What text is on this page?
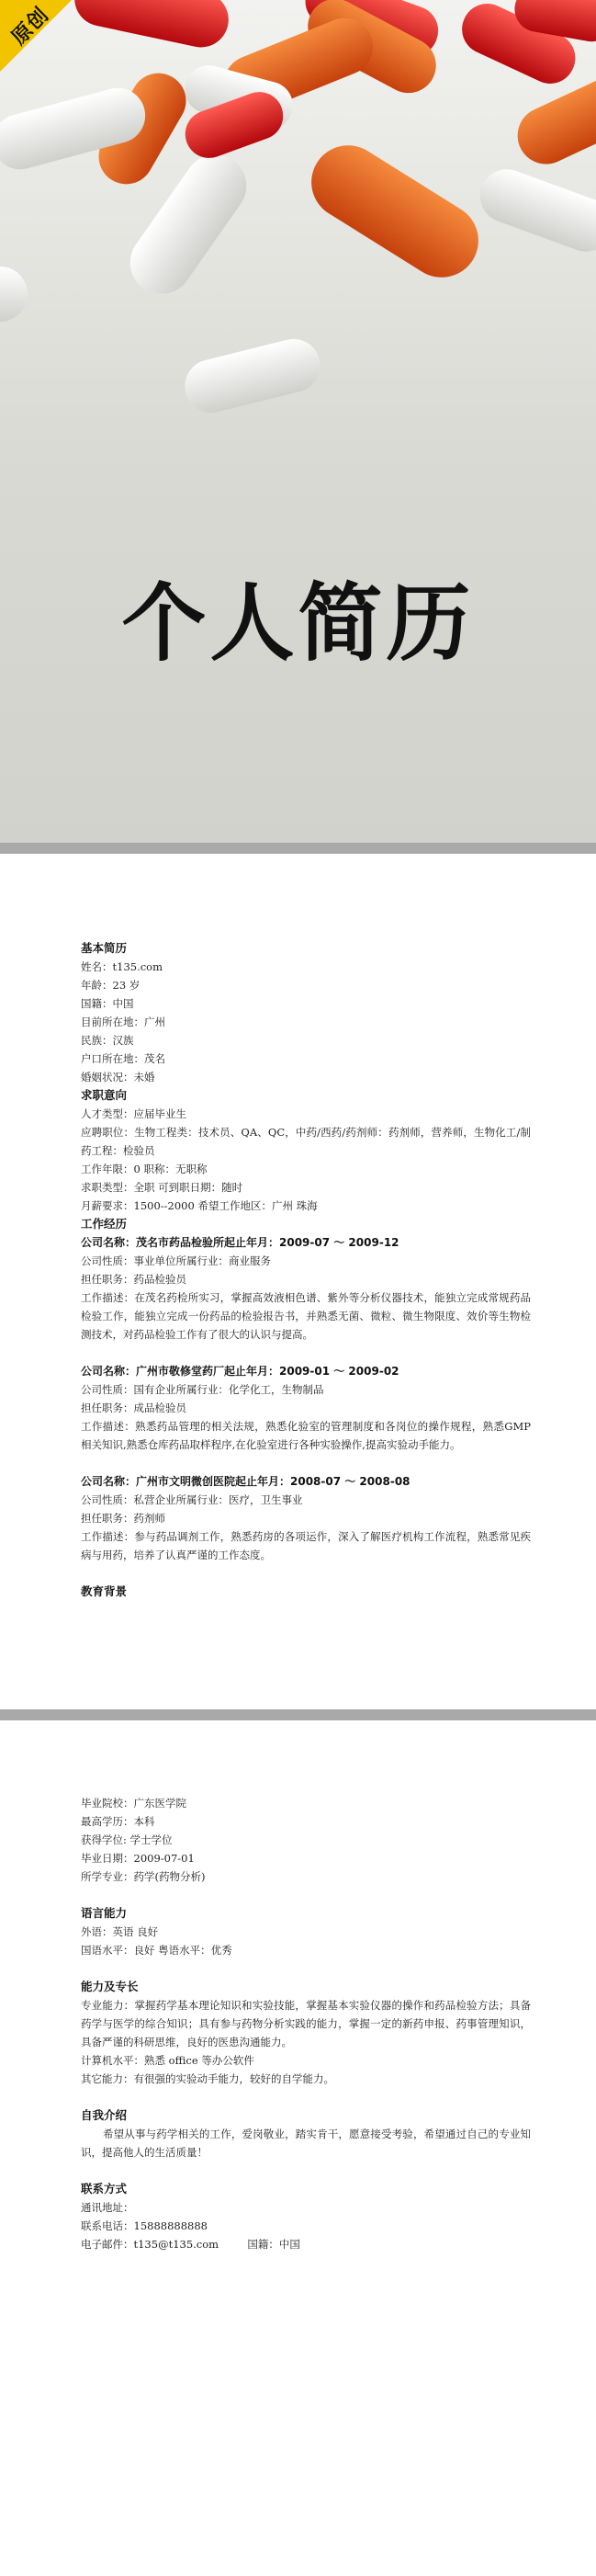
原创
个人简历
基本简历
姓名：t135.com
年龄：23 岁
国籍：中国
目前所在地：广州
民族：汉族
户口所在地：茂名
婚姻状况：未婚
求职意向
人才类型：应届毕业生
应聘职位：生物工程类：技术员、QA、QC，中药/西药/药剂师：药剂师，营养师，生物化工/制药工程：检验员
工作年限：0 职称：无职称
求职类型：全职 可到职日期：随时
月薪要求：1500--2000 希望工作地区：广州 珠海
工作经历
公司名称：茂名市药品检验所起止年月：2009-07 ～ 2009-12
公司性质：事业单位所属行业：商业服务
担任职务：药品检验员
工作描述：在茂名药检所实习，掌握高效液相色谱、紫外等分析仪器技术，能独立完成常规药品检验工作，能独立完成一份药品的检验报告书，并熟悉无菌、微粒、微生物限度、效价等生物检测技术，对药品检验工作有了很大的认识与提高。
公司名称：广州市敬修堂药厂起止年月：2009-01 ～ 2009-02
公司性质：国有企业所属行业：化学化工，生物制品
担任职务：成品检验员
工作描述：熟悉药品管理的相关法规，熟悉化验室的管理制度和各岗位的操作规程，熟悉GMP 相关知识,熟悉仓库药品取样程序,在化验室进行各种实验操作,提高实验动手能力。
公司名称：广州市文明微创医院起止年月：2008-07 ～ 2008-08
公司性质：私营企业所属行业：医疗，卫生事业
担任职务：药剂师
工作描述：参与药品调剂工作，熟悉药房的各项运作，深入了解医疗机构工作流程，熟悉常见疾病与用药，培养了认真严谨的工作态度。
教育背景
毕业院校：广东医学院
最高学历：本科
获得学位: 学士学位
毕业日期：2009-07-01
所学专业：药学(药物分析)
语言能力
外语：英语 良好
国语水平：良好 粤语水平：优秀
能力及专长
专业能力：掌握药学基本理论知识和实验技能，掌握基本实验仪器的操作和药品检验方法；具备药学与医学的综合知识；具有参与药物分析实践的能力，掌握一定的新药申报、药事管理知识，具备严谨的科研思维，良好的医患沟通能力。
计算机水平：熟悉 office 等办公软件
其它能力：有很强的实验动手能力，较好的自学能力。
自我介绍
希望从事与药学相关的工作，爱岗敬业，踏实肯干，愿意接受考验，希望通过自己的专业知识，提高他人的生活质量！
联系方式
通讯地址：
联系电话：15888888888
电子邮件：t135@t135.com	国籍：中国
